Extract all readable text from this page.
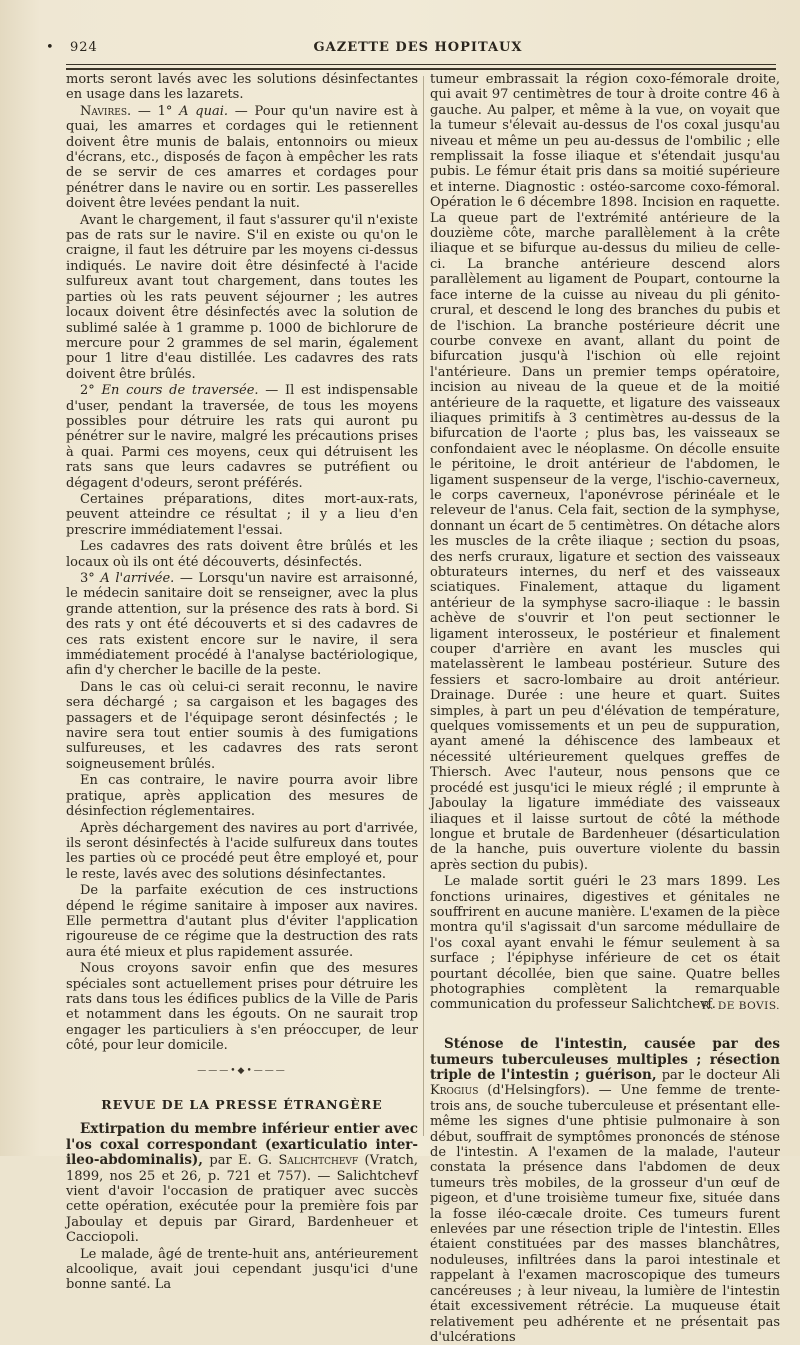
• 924	GAZETTE DES HOPITAUX

morts seront lavés avec les solutions désinfectantes en usage dans les lazarets.

Navires. — 1° A quai. — Pour qu'un navire est à quai, les amarres et cordages qui le retiennent doivent être munis de balais, entonnoirs ou mieux d'écrans, etc., disposés de façon à empêcher les rats de se servir de ces amarres et cordages pour pénétrer dans le navire ou en sortir. Les passerelles doivent être levées pendant la nuit.

Avant le chargement, il faut s'assurer qu'il n'existe pas de rats sur le navire. S'il en existe ou qu'on le craigne, il faut les détruire par les moyens ci-dessus indiqués. Le navire doit être désinfecté à l'acide sulfureux avant tout chargement, dans toutes les parties où les rats peuvent séjourner ; les autres locaux doivent être désinfectés avec la solution de sublimé salée à 1 gramme p. 1000 de bichlorure de mercure pour 2 grammes de sel marin, également pour 1 litre d'eau distillée. Les cadavres des rats doivent être brûlés.

2° En cours de traversée. — Il est indispensable d'user, pendant la traversée, de tous les moyens possibles pour détruire les rats qui auront pu pénétrer sur le navire, malgré les précautions prises à quai. Parmi ces moyens, ceux qui détruisent les rats sans que leurs cadavres se putréfient ou dégagent d'odeurs, seront préférés.

Certaines préparations, dites mort-aux-rats, peuvent atteindre ce résultat ; il y a lieu d'en prescrire immédiatement l'essai.

Les cadavres des rats doivent être brûlés et les locaux où ils ont été découverts, désinfectés.

3° A l'arrivée. — Lorsqu'un navire est arraisonné, le médecin sanitaire doit se renseigner, avec la plus grande attention, sur la présence des rats à bord. Si des rats y ont été découverts et si des cadavres de ces rats existent encore sur le navire, il sera immédiatement procédé à l'analyse bactériologique, afin d'y chercher le bacille de la peste.

Dans le cas où celui-ci serait reconnu, le navire sera déchargé ; sa cargaison et les bagages des passagers et de l'équipage seront désinfectés ; le navire sera tout entier soumis à des fumigations sulfureuses, et les cadavres des rats seront soigneusement brûlés.

En cas contraire, le navire pourra avoir libre pratique, après application des mesures de désinfection réglementaires.

Après déchargement des navires au port d'arrivée, ils seront désinfectés à l'acide sulfureux dans toutes les parties où ce procédé peut être employé et, pour le reste, lavés avec des solutions désinfectantes.

De la parfaite exécution de ces instructions dépend le régime sanitaire à imposer aux navires. Elle permettra d'autant plus d'éviter l'application rigoureuse de ce régime que la destruction des rats aura été mieux et plus rapidement assurée.

Nous croyons savoir enfin que des mesures spéciales sont actuellement prises pour détruire les rats dans tous les édifices publics de la Ville de Paris et notamment dans les égouts. On ne saurait trop engager les particuliers à s'en préoccuper, de leur côté, pour leur domicile.

———•◆•———
REVUE DE LA PRESSE ÉTRANGÈRE

Extirpation du membre inférieur entier avec l'os coxal correspondant (exarticulatio inter-ileo-abdominalis), par E. G. Salichtchevf (Vratch, 1899, nos 25 et 26, p. 721 et 757). — Salichtchevf vient d'avoir l'occasion de pratiquer avec succès cette opération, exécutée pour la première fois par Jaboulay et depuis par Girard, Bardenheuer et Cacciopoli.

Le malade, âgé de trente-huit ans, antérieurement alcoolique, avait joui cependant jusqu'ici d'une bonne santé. La

tumeur embrassait la région coxo-fémorale droite, qui avait 97 centimètres de tour à droite contre 46 à gauche. Au palper, et même à la vue, on voyait que la tumeur s'élevait au-dessus de l'os coxal jusqu'au niveau et même un peu au-dessus de l'ombilic ; elle remplissait la fosse iliaque et s'étendait jusqu'au pubis. Le fémur était pris dans sa moitié supérieure et interne. Diagnostic : ostéo-sarcome coxo-fémoral. Opération le 6 décembre 1898. Incision en raquette. La queue part de l'extrémité antérieure de la douzième côte, marche parallèlement à la crête iliaque et se bifurque au-dessus du milieu de celle-ci. La branche antérieure descend alors parallèlement au ligament de Poupart, contourne la face interne de la cuisse au niveau du pli génito-crural, et descend le long des branches du pubis et de l'ischion. La branche postérieure décrit une courbe convexe en avant, allant du point de bifurcation jusqu'à l'ischion où elle rejoint l'antérieure. Dans un premier temps opératoire, incision au niveau de la queue et de la moitié antérieure de la raquette, et ligature des vaisseaux iliaques primitifs à 3 centimètres au-dessus de la bifurcation de l'aorte ; plus bas, les vaisseaux se confondaient avec le néoplasme. On décolle ensuite le péritoine, le droit antérieur de l'abdomen, le ligament suspenseur de la verge, l'ischio-caverneux, le corps caverneux, l'aponévrose périnéale et le releveur de l'anus. Cela fait, section de la symphyse, donnant un écart de 5 centimètres. On détache alors les muscles de la crête iliaque ; section du psoas, des nerfs cruraux, ligature et section des vaisseaux obturateurs internes, du nerf et des vaisseaux sciatiques. Finalement, attaque du ligament antérieur de la symphyse sacro-iliaque : le bassin achève de s'ouvrir et l'on peut sectionner le ligament interosseux, le postérieur et finalement couper d'arrière en avant les muscles qui matelassèrent le lambeau postérieur. Suture des fessiers et sacro-lombaire au droit antérieur. Drainage. Durée : une heure et quart. Suites simples, à part un peu d'élévation de température, quelques vomissements et un peu de suppuration, ayant amené la déhiscence des lambeaux et nécessité ultérieurement quelques greffes de Thiersch. Avec l'auteur, nous pensons que ce procédé est jusqu'ici le mieux réglé ; il emprunte à Jaboulay la ligature immédiate des vaisseaux iliaques et il laisse surtout de côté la méthode longue et brutale de Bardenheuer (désarticulation de la hanche, puis ouverture violente du bassin après section du pubis).

Le malade sortit guéri le 23 mars 1899. Les fonctions urinaires, digestives et génitales ne souffrirent en aucune manière. L'examen de la pièce montra qu'il s'agissait d'un sarcome médullaire de l'os coxal ayant envahi le fémur seulement à sa surface ; l'épiphyse inférieure de cet os était pourtant décollée, bien que saine. Quatre belles photographies complètent la remarquable communication du professeur Salichtchevf.

R. DE BOVIS.

Sténose de l'intestin, causée par des tumeurs tuberculeuses multiples ; résection triple de l'intestin ; guérison, par le docteur Ali Krogius (d'Helsingfors). — Une femme de trente-trois ans, de souche tuberculeuse et présentant elle-même les signes d'une phtisie pulmonaire à son début, souffrait de symptômes prononcés de sténose de l'intestin. A l'examen de la malade, l'auteur constata la présence dans l'abdomen de deux tumeurs très mobiles, de la grosseur d'un œuf de pigeon, et d'une troisième tumeur fixe, située dans la fosse iléo-cæcale droite. Ces tumeurs furent enlevées par une résection triple de l'intestin. Elles étaient constituées par des masses blanchâtres, noduleuses, infiltrées dans la paroi intestinale et rappelant à l'examen macroscopique des tumeurs cancéreuses ; à leur niveau, la lumière de l'intestin était excessivement rétrécie. La muqueuse était relativement peu adhérente et ne présentait pas d'ulcérations
